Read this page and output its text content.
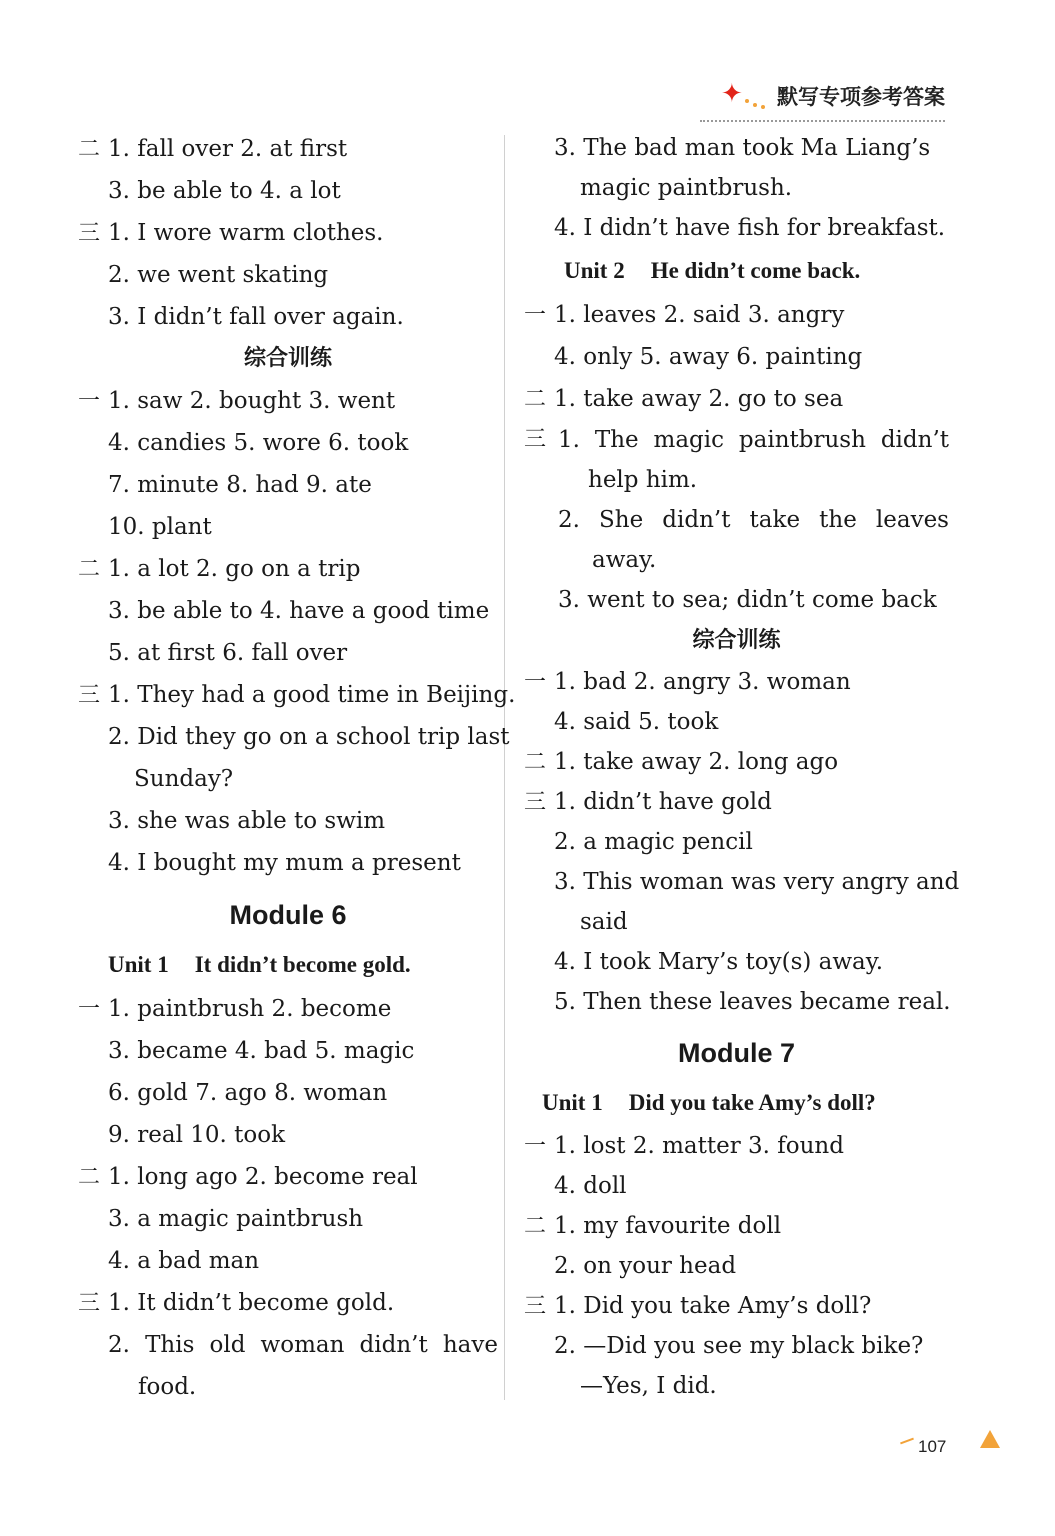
✦ 默写专项参考答案
二 1. fall over 2. at first
3. be able to 4. a lot
三 1. I wore warm clothes.
2. we went skating
3. I didn’t fall over again.
综合训练
一 1. saw 2. bought 3. went
4. candies 5. wore 6. took
7. minute 8. had 9. ate
10. plant
二 1. a lot 2. go on a trip
3. be able to 4. have a good time
5. at first 6. fall over
三 1. They had a good time in Beijing.
2. Did they go on a school trip last
Sunday?
3. she was able to swim
4. I bought my mum a present
Module 6
Unit 1 It didn’t become gold.
一 1. paintbrush 2. become
3. became 4. bad 5. magic
6. gold 7. ago 8. woman
9. real 10. took
二 1. long ago 2. become real
3. a magic paintbrush
4. a bad man
三 1. It didn’t become gold.
2. This old woman didn’t have
food.
3. The bad man took Ma Liang’s
magic paintbrush.
4. I didn’t have fish for breakfast.
Unit 2 He didn’t come back.
一 1. leaves 2. said 3. angry
4. only 5. away 6. painting
二 1. take away 2. go to sea
三 1. The magic paintbrush didn’t
help him.
2. She didn’t take the leaves
away.
3. went to sea; didn’t come back
综合训练
一 1. bad 2. angry 3. woman
4. said 5. took
二 1. take away 2. long ago
三 1. didn’t have gold
2. a magic pencil
3. This woman was very angry and
said
4. I took Mary’s toy(s) away.
5. Then these leaves became real.
Module 7
Unit 1 Did you take Amy’s doll?
一 1. lost 2. matter 3. found
4. doll
二 1. my favourite doll
2. on your head
三 1. Did you take Amy’s doll?
2. —Did you see my black bike?
—Yes, I did.
107
